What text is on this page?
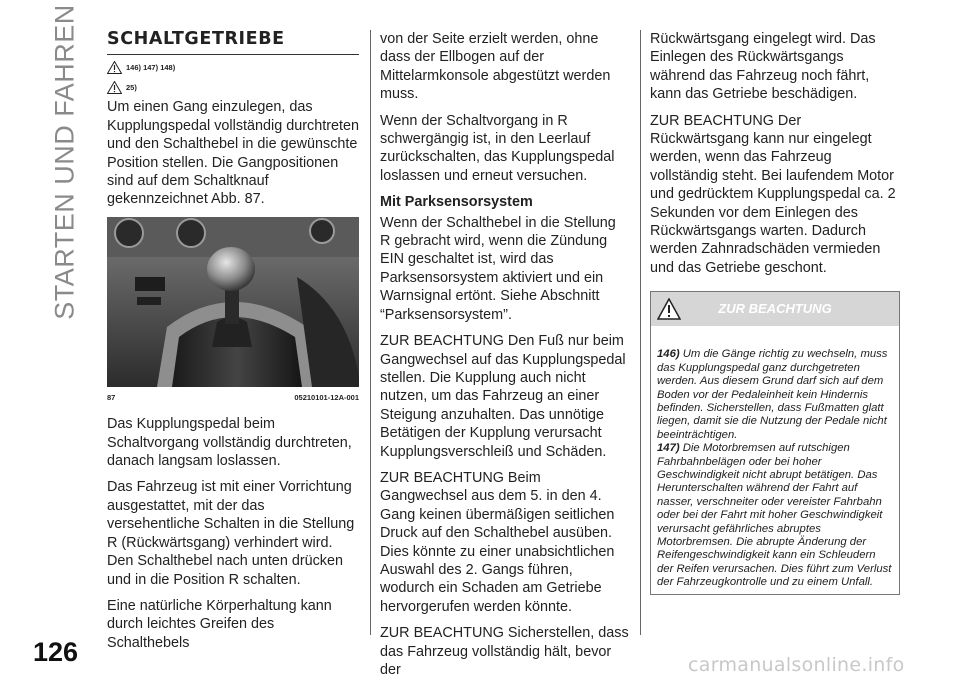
STARTEN UND FAHREN
126	carmanualsonline.info
SCHALTGETRIEBE
146) 147) 148)
25)

Um einen Gang einzulegen, das Kupplungspedal vollständig durchtreten und den Schalthebel in die gewünschte Position stellen. Die Gangpositionen sind auf dem Schaltknauf gekennzeichnet Abb. 87.

87	05210101-12A-001

Das Kupplungspedal beim Schaltvorgang vollständig durchtreten, danach langsam loslassen.

Das Fahrzeug ist mit einer Vorrichtung ausgestattet, mit der das versehentliche Schalten in die Stellung R (Rückwärtsgang) verhindert wird. Den Schalthebel nach unten drücken und in die Position R schalten.

Eine natürliche Körperhaltung kann durch leichtes Greifen des Schalthebels

von der Seite erzielt werden, ohne dass der Ellbogen auf der Mittelarmkonsole abgestützt werden muss.

Wenn der Schaltvorgang in R schwergängig ist, in den Leerlauf zurückschalten, das Kupplungspedal loslassen und erneut versuchen.

Mit Parksensorsystem

Wenn der Schalthebel in die Stellung R gebracht wird, wenn die Zündung EIN geschaltet ist, wird das Parksensorsystem aktiviert und ein Warnsignal ertönt. Siehe Abschnitt “Parksensorsystem”.

ZUR BEACHTUNG Den Fuß nur beim Gangwechsel auf das Kupplungspedal stellen. Die Kupplung auch nicht nutzen, um das Fahrzeug an einer Steigung anzuhalten. Das unnötige Betätigen der Kupplung verursacht Kupplungsverschleiß und Schäden.

ZUR BEACHTUNG Beim Gangwechsel aus dem 5. in den 4. Gang keinen übermäßigen seitlichen Druck auf den Schalthebel ausüben. Dies könnte zu einer unabsichtlichen Auswahl des 2. Gangs führen, wodurch ein Schaden am Getriebe hervorgerufen werden könnte.

ZUR BEACHTUNG Sicherstellen, dass das Fahrzeug vollständig hält, bevor der

Rückwärtsgang eingelegt wird. Das Einlegen des Rückwärtsgangs während das Fahrzeug noch fährt, kann das Getriebe beschädigen.

ZUR BEACHTUNG Der Rückwärtsgang kann nur eingelegt werden, wenn das Fahrzeug vollständig steht. Bei laufendem Motor und gedrücktem Kupplungspedal ca. 2 Sekunden vor dem Einlegen des Rückwärtsgangs warten. Dadurch werden Zahnradschäden vermieden und das Getriebe geschont.

ZUR BEACHTUNG
146) Um die Gänge richtig zu wechseln, muss das Kupplungspedal ganz durchgetreten werden. Aus diesem Grund darf sich auf dem Boden vor der Pedaleinheit kein Hindernis befinden. Sicherstellen, dass Fußmatten glatt liegen, damit sie die Nutzung der Pedale nicht beeinträchtigen.
147) Die Motorbremsen auf rutschigen Fahrbahnbelägen oder bei hoher Geschwindigkeit nicht abrupt betätigen. Das Herunterschalten während der Fahrt auf nasser, verschneiter oder vereister Fahrbahn oder bei der Fahrt mit hoher Geschwindigkeit verursacht gefährliches abruptes Motorbremsen. Die abrupte Änderung der Reifengeschwindigkeit kann ein Schleudern der Reifen verursachen. Dies führt zum Verlust der Fahrzeugkontrolle und zu einem Unfall.
